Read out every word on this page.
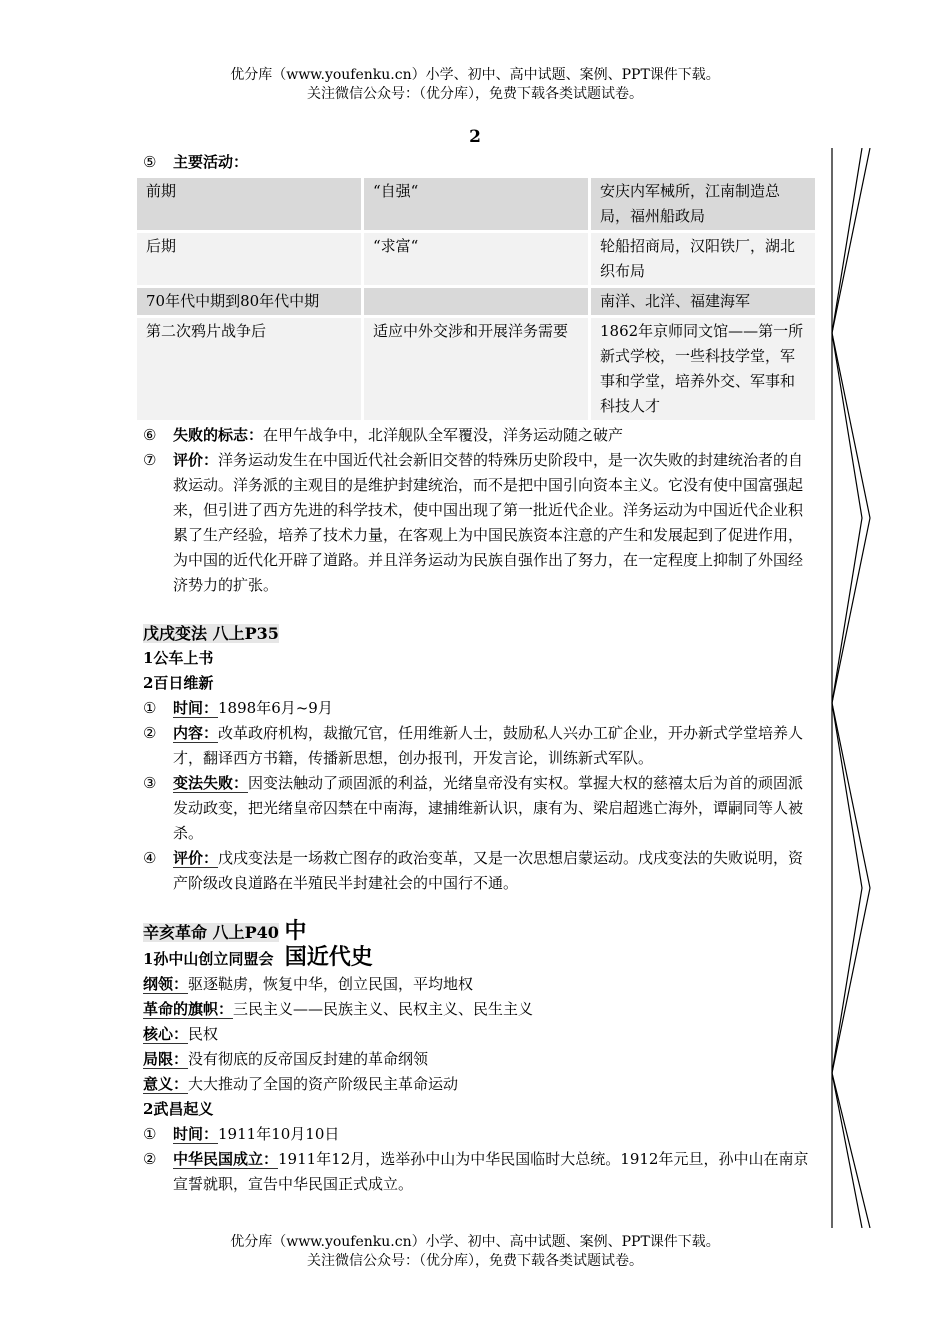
优分库（www.youfenku.cn）小学、初中、高中试题、案例、PPT课件下载。
关注微信公众号：（优分库），免费下载各类试题试卷。
2
⑤ 主要活动：
前期	“自强“	安庆内军械所，江南制造总局，福州船政局
后期	“求富“	轮船招商局，汉阳铁厂，湖北织布局
70年代中期到80年代中期		南洋、北洋、福建海军
第二次鸦片战争后	适应中外交涉和开展洋务需要	1862年京师同文馆——第一所新式学校，一些科技学堂，军事和学堂，培养外交、军事和科技人才
⑥ 失败的标志：在甲午战争中，北洋舰队全军覆没，洋务运动随之破产
⑦ 评价：洋务运动发生在中国近代社会新旧交替的特殊历史阶段中，是一次失败的封建统治者的自救运动。洋务派的主观目的是维护封建统治，而不是把中国引向资本主义。它没有使中国富强起来，但引进了西方先进的科学技术，使中国出现了第一批近代企业。洋务运动为中国近代企业积累了生产经验，培养了技术力量，在客观上为中国民族资本注意的产生和发展起到了促进作用，为中国的近代化开辟了道路。并且洋务运动为民族自强作出了努力，在一定程度上抑制了外国经济势力的扩张。
戊戌变法 八上P35
1公车上书
2百日维新
① 时间：1898年6月~9月
② 内容：改革政府机构，裁撤冗官，任用维新人士，鼓励私人兴办工矿企业，开办新式学堂培养人才，翻译西方书籍，传播新思想，创办报刊，开发言论，训练新式军队。
③ 变法失败：因变法触动了顽固派的利益，光绪皇帝没有实权。掌握大权的慈禧太后为首的顽固派发动政变，把光绪皇帝囚禁在中南海，逮捕维新认识，康有为、梁启超逃亡海外，谭嗣同等人被杀。
④ 评价：戊戌变法是一场救亡图存的政治变革，又是一次思想启蒙运动。戊戌变法的失败说明，资产阶级改良道路在半殖民半封建社会的中国行不通。
辛亥革命 八上P40 中
1孙中山创立同盟会 国近代史
纲领：驱逐鞑虏，恢复中华，创立民国，平均地权
革命的旗帜：三民主义——民族主义、民权主义、民生主义
核心：民权
局限：没有彻底的反帝国反封建的革命纲领
意义：大大推动了全国的资产阶级民主革命运动
2武昌起义
① 时间：1911年10月10日
② 中华民国成立：1911年12月，选举孙中山为中华民国临时大总统。1912年元旦，孙中山在南京宣誓就职，宣告中华民国正式成立。
优分库（www.youfenku.cn）小学、初中、高中试题、案例、PPT课件下载。
关注微信公众号：（优分库），免费下载各类试题试卷。
